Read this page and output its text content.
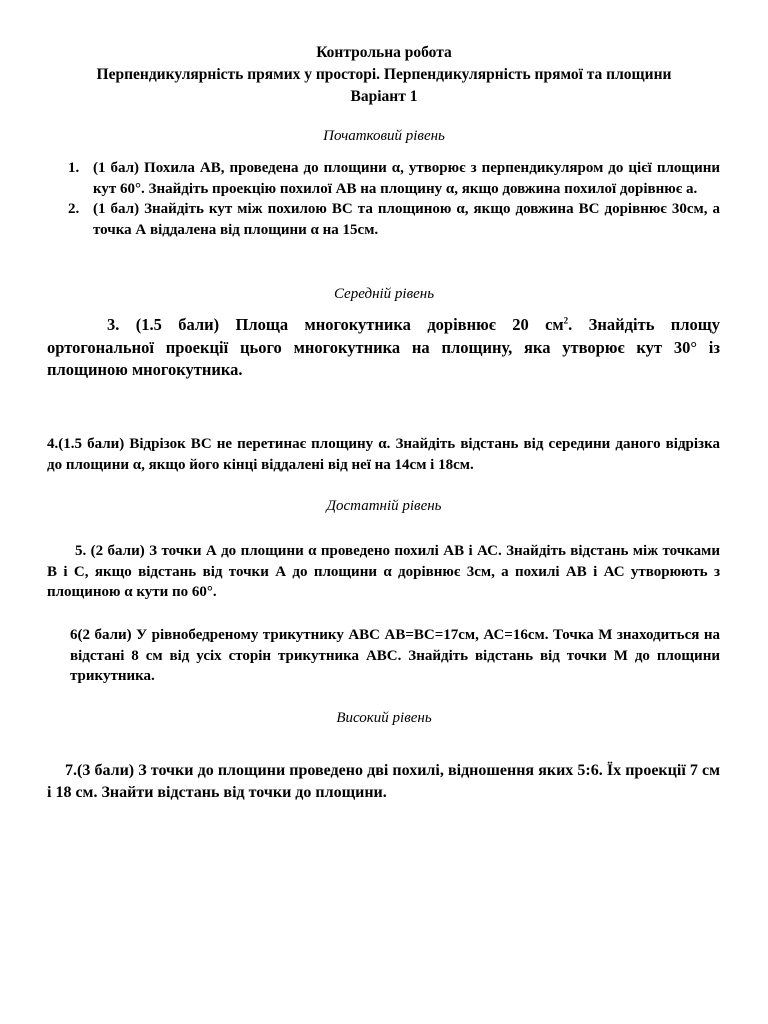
Контрольна робота
Перпендикулярність прямих у просторі. Перпендикулярність прямої та площини
Варіант 1
Початковий рівень
1. (1 бал) Похила АВ, проведена до площини α, утворює з перпендикуляром до цієї площини кут 60°. Знайдіть проекцію похилої АВ на площину α, якщо довжина похилої дорівнює а.
2. (1 бал) Знайдіть кут між похилою ВС та площиною α, якщо довжина ВС дорівнює 30см, а точка А віддалена від площини α на 15см.
Середній рівень
3. (1.5 бали) Площа многокутника дорівнює 20 $см^2$. Знайдіть площу ортогональної проекції цього многокутника на площину, яка утворює кут 30° із площиною многокутника.
4.(1.5 бали) Відрізок ВС не перетинає площину α. Знайдіть відстань від середини даного відрізка до площини α, якщо його кінці віддалені від неї на 14см і 18см.
Достатній рівень
5. (2 бали) З точки А до площини α проведено похилі АВ і АС. Знайдіть відстань між точками В і С, якщо відстань від точки А до площини α дорівнює 3см, а похилі АВ і АС утворюють з площиною α кути по 60°.
6(2 бали) У рівнобедреному трикутнику АВС АВ=ВС=17см, АС=16см. Точка М знаходиться на відстані 8 см від усіх сторін трикутника АВС. Знайдіть відстань від точки М до площини трикутника.
Високий рівень
7.(3 бали) З точки до площини проведено дві похилі, відношення яких 5:6. Їх проекції 7 см і 18 см. Знайти відстань від точки до площини.
